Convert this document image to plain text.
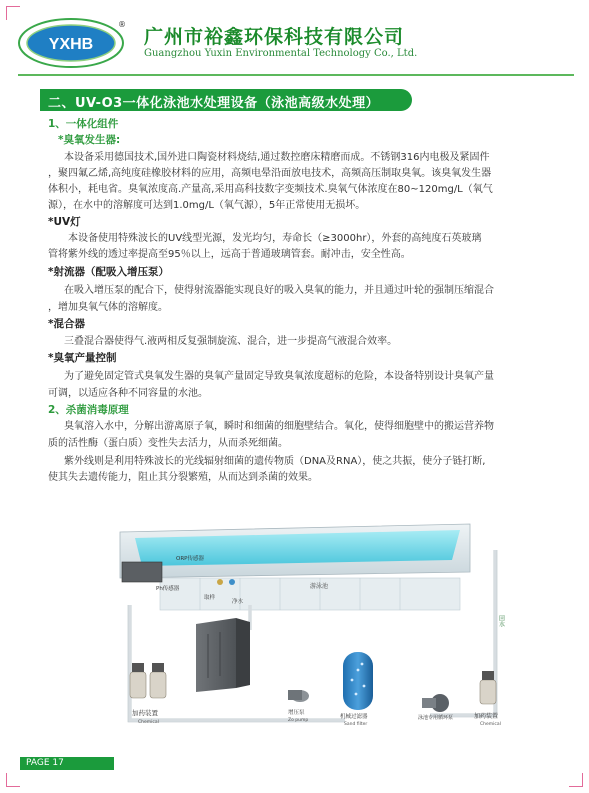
YXHB
®
广州市裕鑫环保科技有限公司
Guangzhou Yuxin Environmental Technology Co., Ltd.
二、UV-O3一体化泳池水处理设备（泳池高级水处理）
1、一体化组件
*臭氧发生器:
本设备采用德国技术,国外进口陶瓷材料烧结,通过数控磨床精磨而成。不锈钢316内电极及紧固件
，聚四氟乙烯,高纯度硅橡胶材料的应用，高频电晕沿面放电技术，高频高压制取臭氧。该臭氧发生器
体积小，耗电省。臭氧浓度高.产量高,采用高科技数字变频技术.臭氧气体浓度在80~120mg/L（氧气
源），在水中的溶解度可达到1.0mg/L（氧气源），5年正常使用无损坏。
*UV灯
本设备使用特殊波长的UV线型光源，发光均匀，寿命长（≥3000hr），外套的高纯度石英玻璃
管将紫外线的透过率提高至95％以上，远高于普通玻璃管套。耐冲击，安全性高。
*射流器（配吸入增压泵）
在吸入增压泵的配合下，使得射流器能实现良好的吸入臭氧的能力，并且通过叶轮的强制压缩混合
，增加臭氧气体的溶解度。
*混合器
三叠混合器使得气.液两相反复强制旋流、混合，进一步提高气液混合效率。
*臭氧产量控制
为了避免固定管式臭氧发生器的臭氧产量固定导致臭氧浓度超标的危险，本设备特别设计臭氧产量
可调，以适应各种不同容量的水池。
2、杀菌消毒原理
臭氧溶入水中，分解出游离原子氧，瞬时和细菌的细胞壁结合。氧化，使得细胞壁中的搬运营养物
质的活性酶（蛋白质）变性失去活力，从而杀死细菌。
紫外线则是利用特殊波长的光线辐射细菌的遗传物质（DNA及RNA），使之共振，使分子链打断,
使其失去遗传能力，阻止其分裂繁殖，从而达到杀菌的效果。
游泳池
ORP传感器
Ph传感器
取样
净水
加药装置
Chemical
增压泵
Zo pump
机械过滤器
Sand filter
泳池专用循环泵	加药装置
Chemical
回水
PAGE 17
